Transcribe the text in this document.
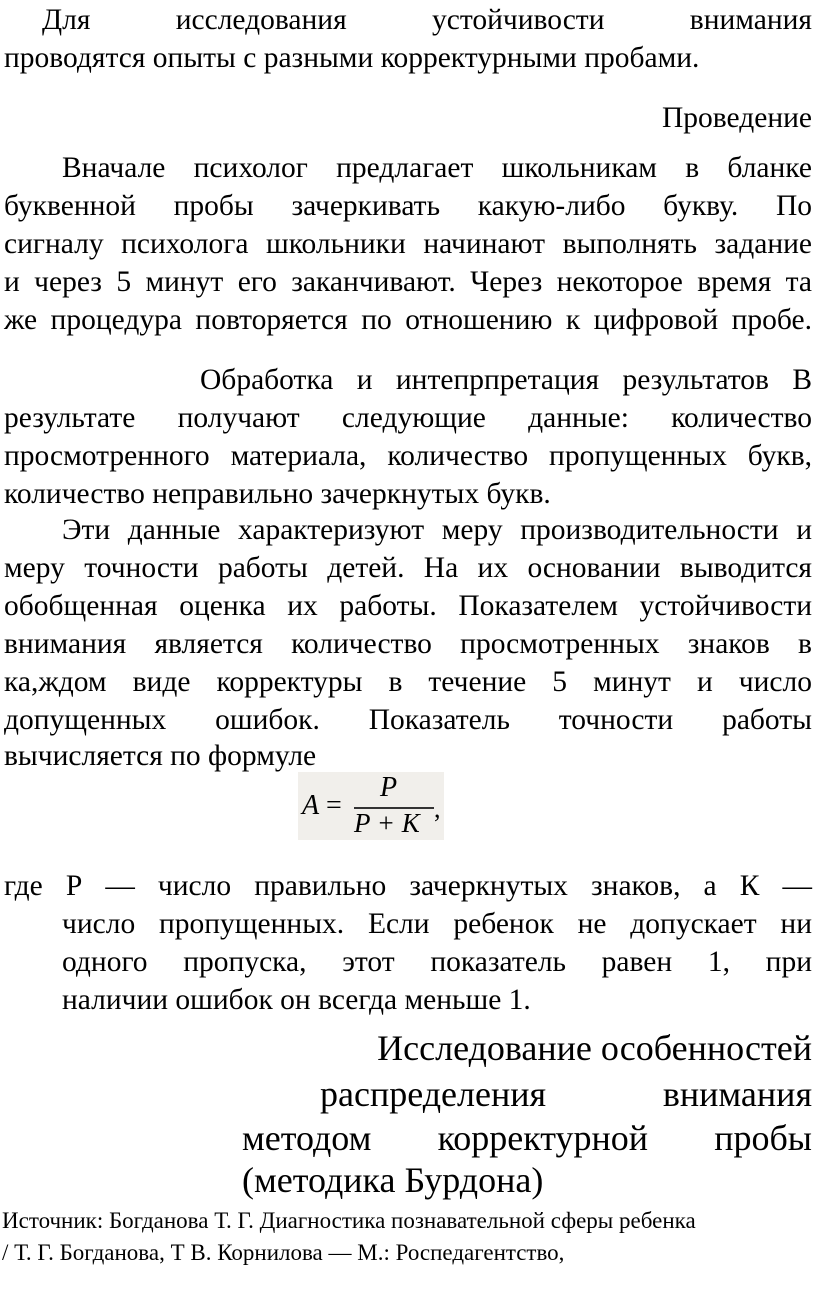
Для исследования устойчивости внимания
проводятся опыты с разными корректурными пробами.
Проведение
Вначале психолог предлагает школьникам в бланке
буквенной пробы зачеркивать какую-либо букву. По
сигналу психолога школьники начинают выполнять задание
и через 5 минут его заканчивают. Через некоторое время та
же процедура повторяется по отношению к цифровой пробе.
Обработка и интепрпретация результатов В
результате получают следующие данные: количество
просмотренного материала, количество пропущенных букв,
количество неправильно зачеркнутых букв.
Эти данные характеризуют меру производительности и
меру точности работы детей. На их основании выводится
обобщенная оценка их работы. Показателем устойчивости
внимания является количество просмотренных знаков в
ка,ждом виде корректуры в течение 5 минут и число
допущенных ошибок. Показатель точности работы
вычисляется по формуле
A =
P
P + K ,
где Р — число правильно зачеркнутых знаков, а К —
число пропущенных. Если ребенок не допускает ни
одного пропуска, этот показатель равен 1, при
наличии ошибок он всегда меньше 1.
Исследование особенностей
распределения внимания
методом корректурной пробы
(методика Бурдона)
Источник: Богданова Т. Г. Диагностика познавательной сферы ребенка
/ Т. Г. Богданова, Т В. Корнилова — М.: Роспедагентство,
